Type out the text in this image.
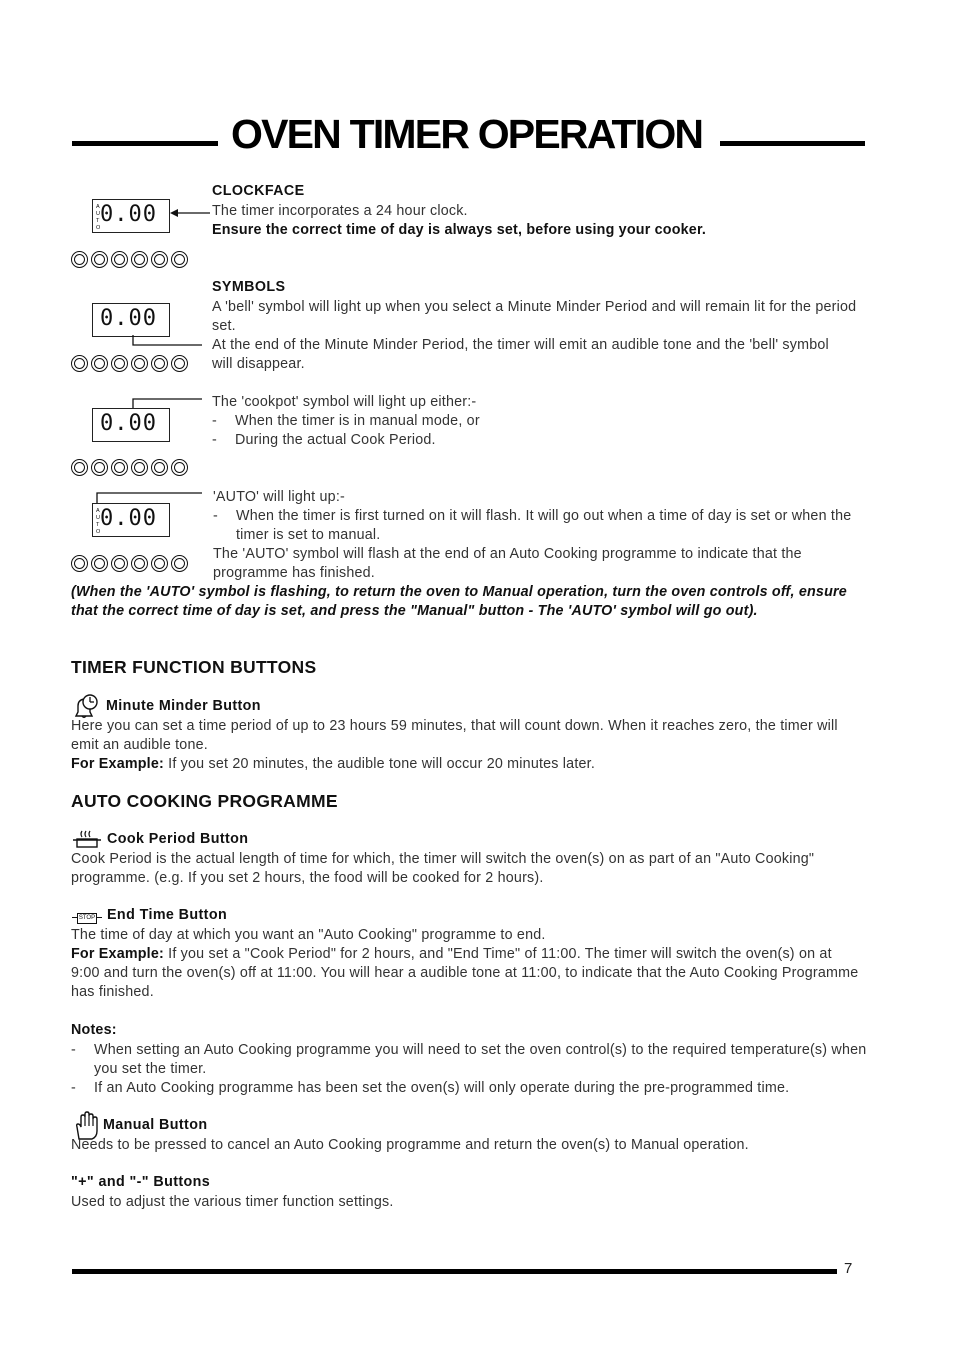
OVEN TIMER OPERATION
A
U
T
O
0.00
CLOCKFACE
The timer incorporates a 24 hour clock.
Ensure the correct time of day is always set, before using your cooker.
0.00
SYMBOLS
A 'bell' symbol will light up when you select a Minute Minder Period and will remain lit for the period set.
At the end of the Minute Minder Period, the timer will emit an audible tone and the 'bell' symbol will disappear.
0.00
The 'cookpot' symbol will light up either:-
- When the timer is in manual mode, or
- During the actual Cook Period.
A
U
T
O
0.00
'AUTO' will light up:-
- When the timer is first turned on it will flash. It will go out when a time of day is set or when the timer is set to manual.
The 'AUTO' symbol will flash at the end of an Auto Cooking programme to indicate that the programme has finished.
(When the 'AUTO' symbol is flashing, to return the oven to Manual operation, turn the oven controls off, ensure that the correct time of day is set, and press the "Manual" button - The 'AUTO' symbol will go out).
TIMER FUNCTION BUTTONS
Minute Minder Button
Here you can set a time period of up to 23 hours 59 minutes, that will count down. When it reaches zero, the timer will emit an audible tone.
For Example: If you set 20 minutes, the audible tone will occur 20 minutes later.
AUTO COOKING PROGRAMME
Cook Period Button
Cook Period is the actual length of time for which, the timer will switch the oven(s) on as part of an "Auto Cooking" programme. (e.g. If you set 2 hours, the food will be cooked for 2 hours).
STOP End Time Button
The time of day at which you want an "Auto Cooking" programme to end.
For Example: If you set a "Cook Period" for 2 hours, and "End Time" of 11:00. The timer will switch the oven(s) on at 9:00 and turn the oven(s) off at 11:00. You will hear a audible tone at 11:00, to indicate that the Auto Cooking Programme has finished.
Notes:
- When setting an Auto Cooking programme you will need to set the oven control(s) to the required temperature(s) when you set the timer.
- If an Auto Cooking programme has been set the oven(s) will only operate during the pre-programmed time.
Manual Button
Needs to be pressed to cancel an Auto Cooking programme and return the oven(s) to Manual operation.
"+" and "-" Buttons
Used to adjust the various timer function settings.
7
